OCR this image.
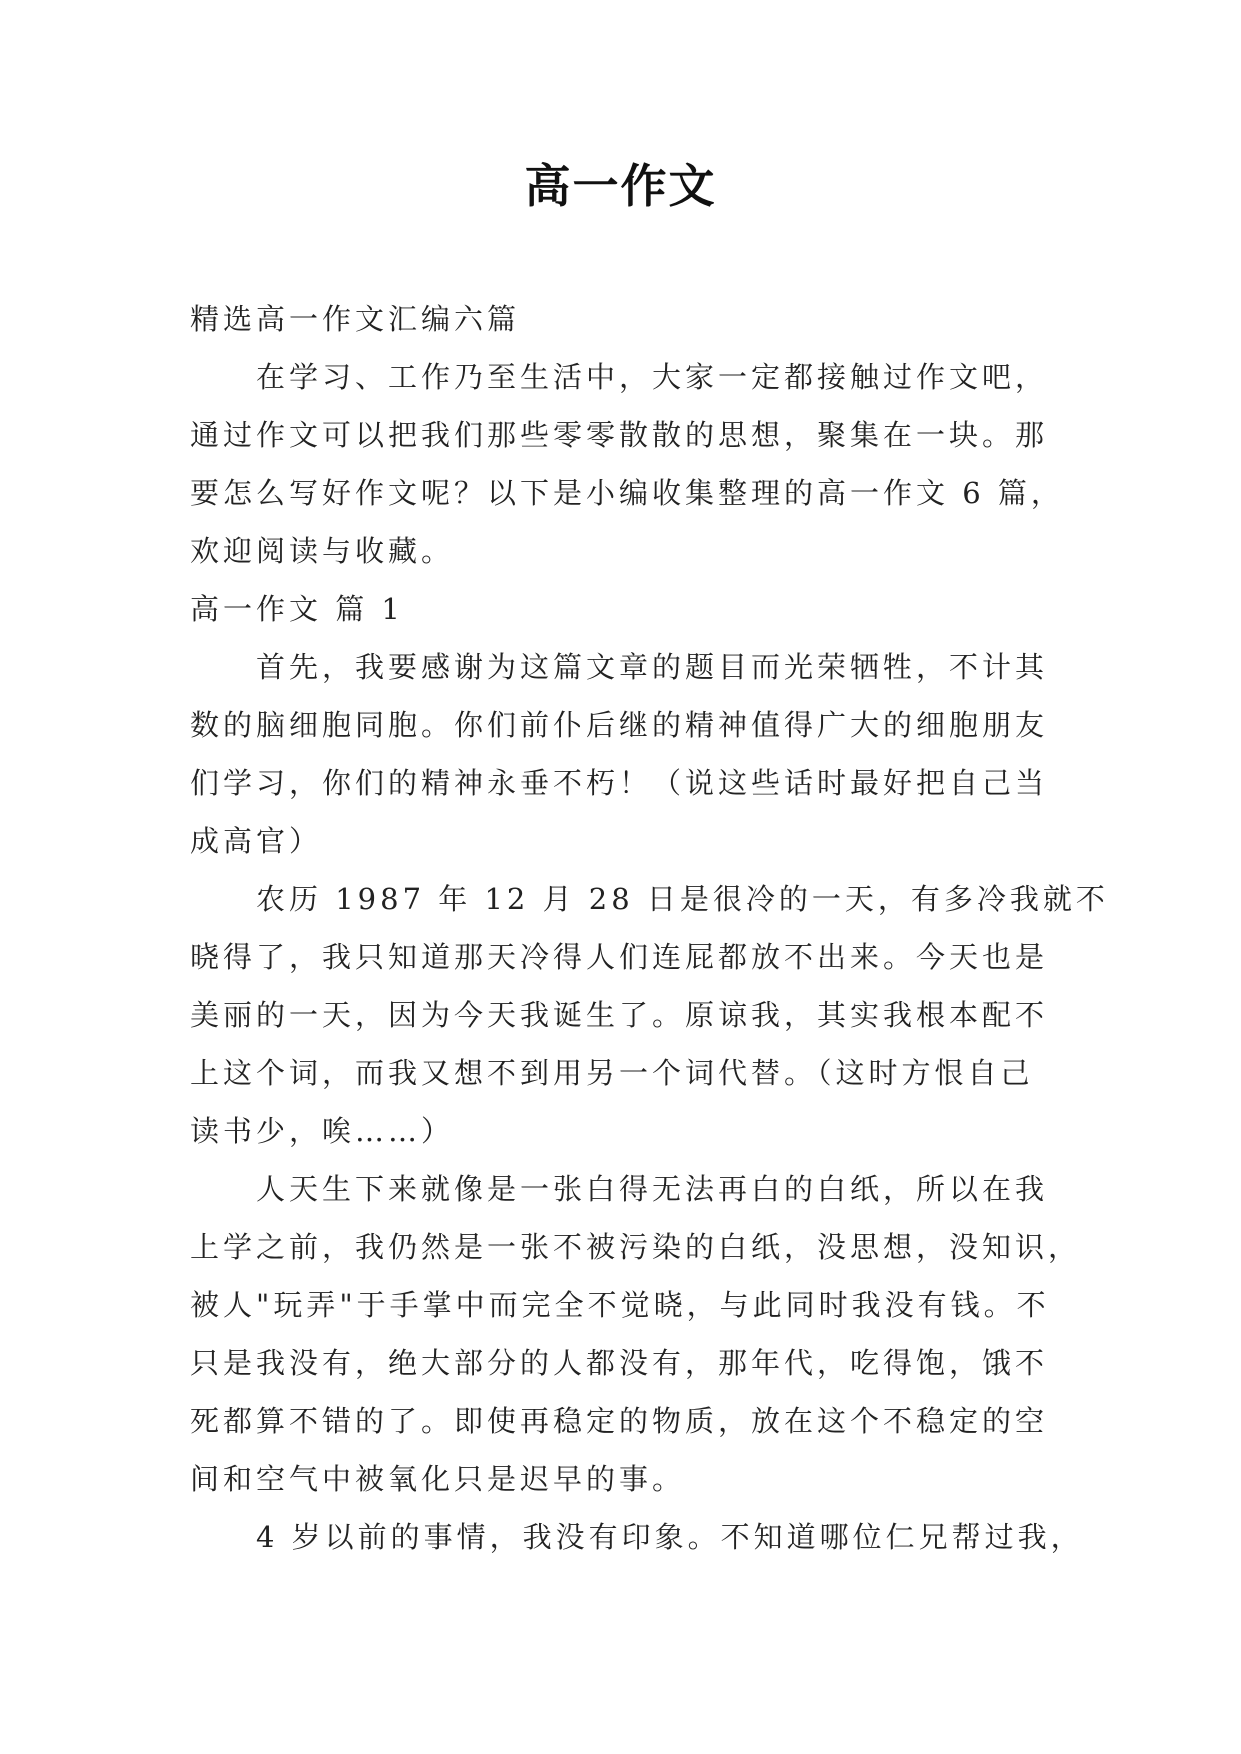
高一作文

精选高一作文汇编六篇

在学习、工作乃至生活中，大家一定都接触过作文吧，

通过作文可以把我们那些零零散散的思想，聚集在一块。那

要怎么写好作文呢？以下是小编收集整理的高一作文 6 篇，

欢迎阅读与收藏。

高一作文 篇 1

首先，我要感谢为这篇文章的题目而光荣牺牲，不计其

数的脑细胞同胞。你们前仆后继的精神值得广大的细胞朋友

们学习，你们的精神永垂不朽！（说这些话时最好把自己当

成高官）

农历 1987 年 12 月 28 日是很冷的一天，有多冷我就不

晓得了，我只知道那天冷得人们连屁都放不出来。今天也是

美丽的一天，因为今天我诞生了。原谅我，其实我根本配不

上这个词，而我又想不到用另一个词代替。（这时方恨自己

读书少，唉……）

人天生下来就像是一张白得无法再白的白纸，所以在我

上学之前，我仍然是一张不被污染的白纸，没思想，没知识，

被人"玩弄"于手掌中而完全不觉晓，与此同时我没有钱。不

只是我没有，绝大部分的人都没有，那年代，吃得饱，饿不

死都算不错的了。即使再稳定的物质，放在这个不稳定的空

间和空气中被氧化只是迟早的事。

4 岁以前的事情，我没有印象。不知道哪位仁兄帮过我，
